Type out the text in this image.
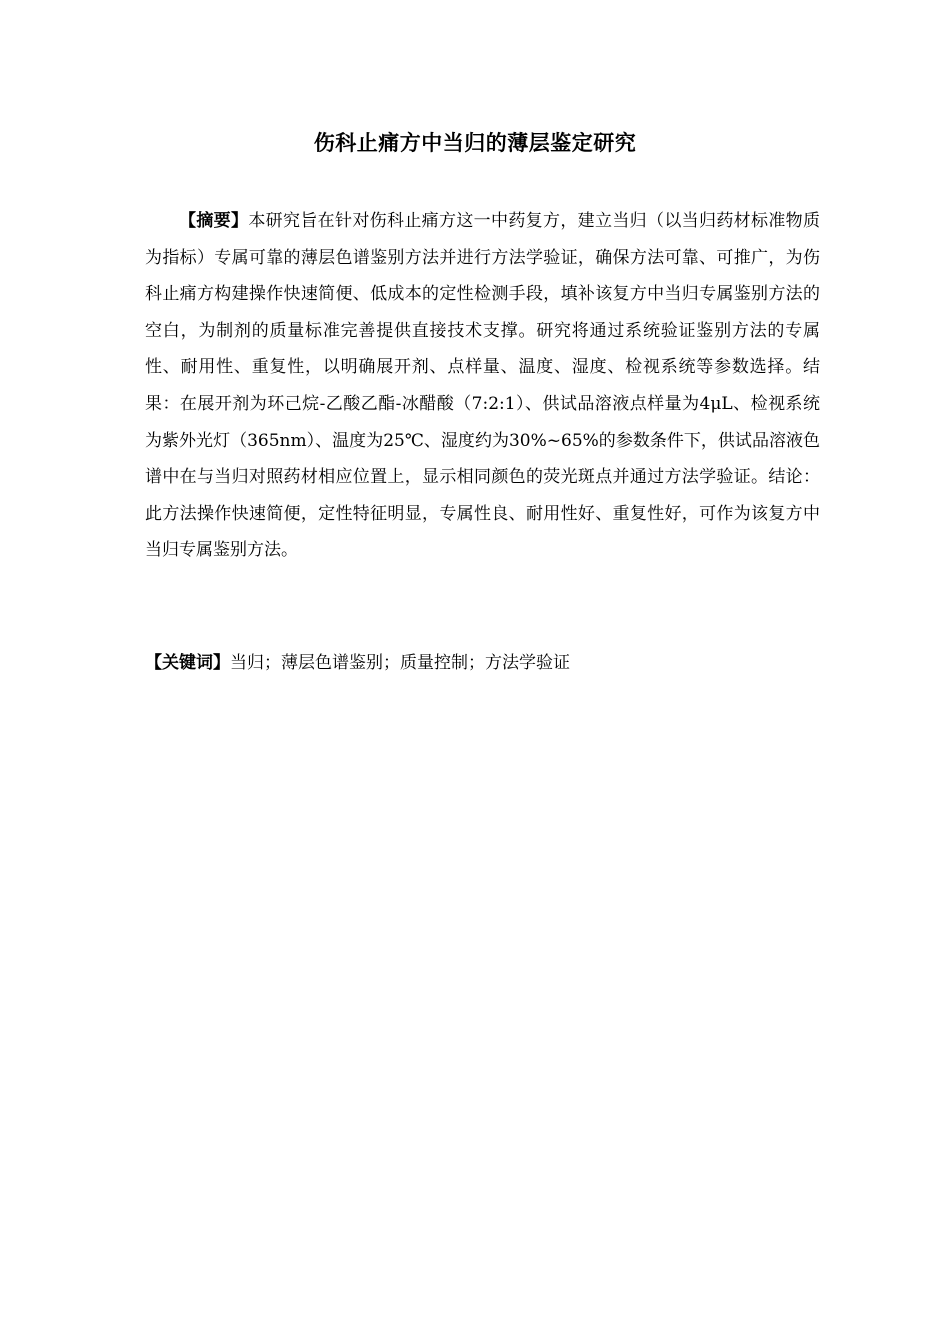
伤科止痛方中当归的薄层鉴定研究

【摘要】本研究旨在针对伤科止痛方这一中药复方，建立当归（以当归药材标准物质为指标）专属可靠的薄层色谱鉴别方法并进行方法学验证，确保方法可靠、可推广，为伤科止痛方构建操作快速简便、低成本的定性检测手段，填补该复方中当归专属鉴别方法的空白，为制剂的质量标准完善提供直接技术支撑。研究将通过系统验证鉴别方法的专属性、耐用性、重复性，以明确展开剂、点样量、温度、湿度、检视系统等参数选择。结果：在展开剂为环己烷-乙酸乙酯-冰醋酸（7:2:1）、供试品溶液点样量为4μL、检视系统为紫外光灯（365nm）、温度为25℃、湿度约为30%~65%的参数条件下，供试品溶液色谱中在与当归对照药材相应位置上，显示相同颜色的荧光斑点并通过方法学验证。结论：此方法操作快速简便，定性特征明显，专属性良、耐用性好、重复性好，可作为该复方中当归专属鉴别方法。

【关键词】当归；薄层色谱鉴别；质量控制；方法学验证
